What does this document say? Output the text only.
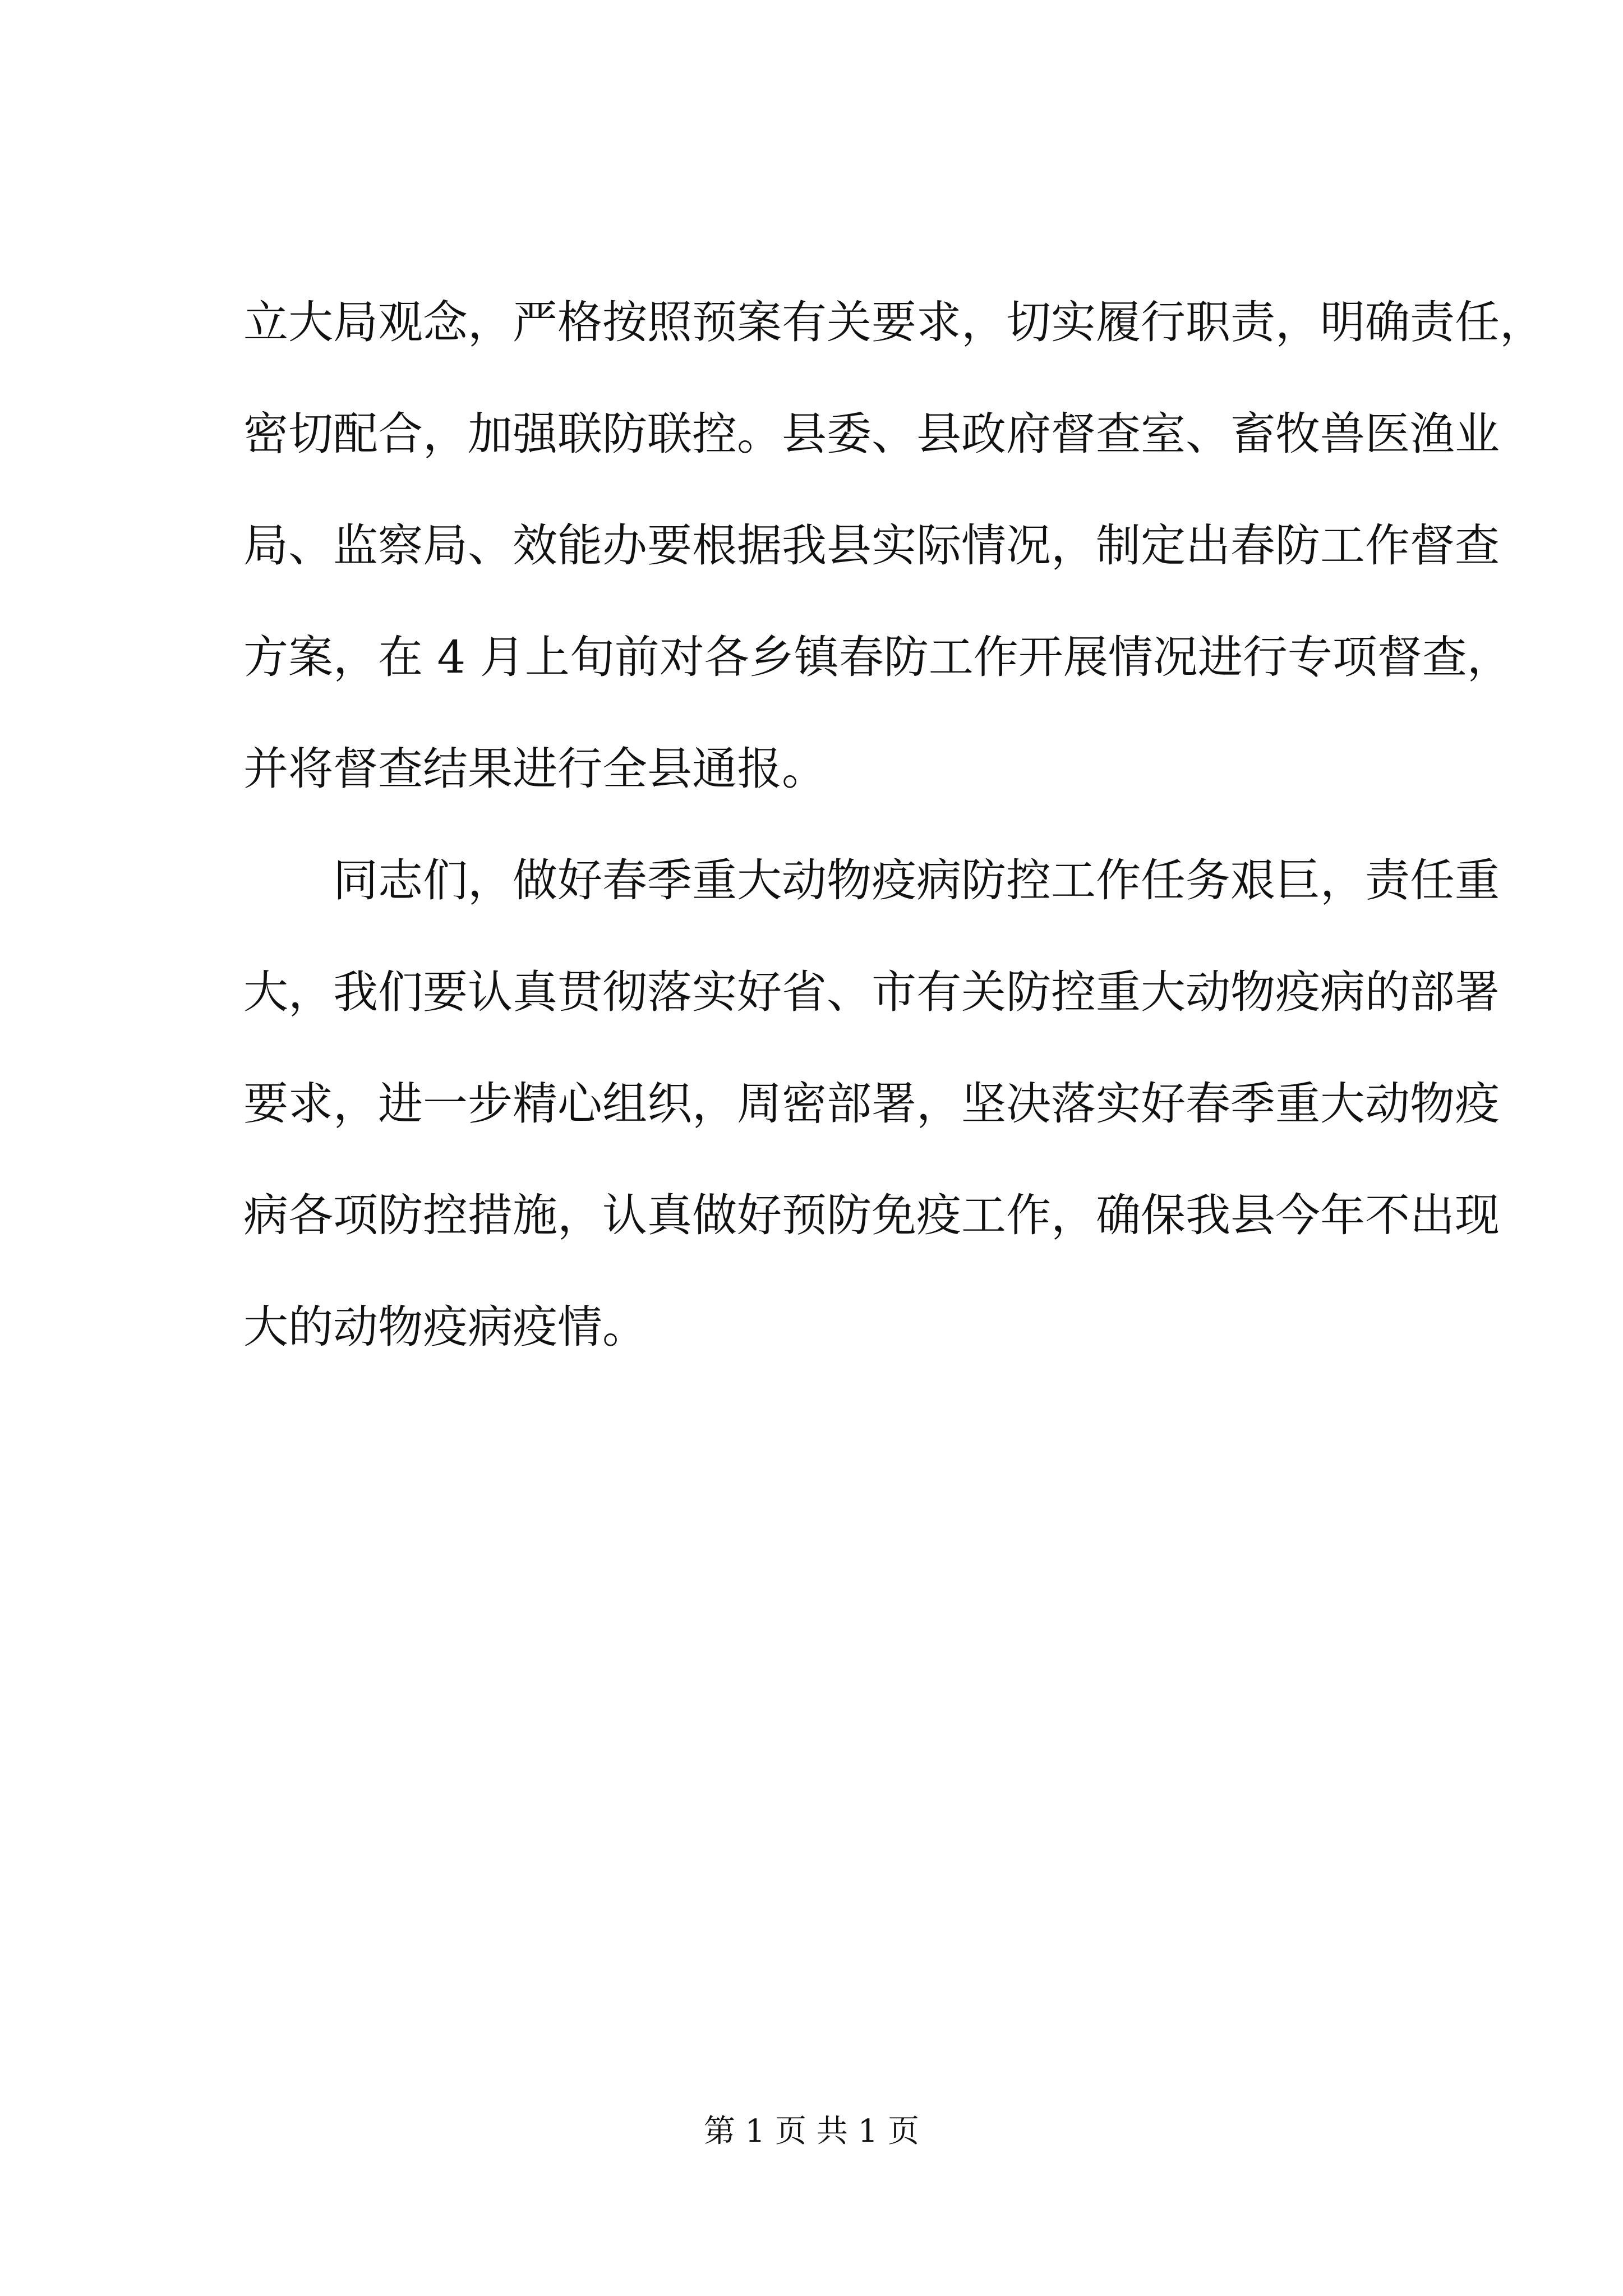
立大局观念，严格按照预案有关要求，切实履行职责，明确责任，
密切配合，加强联防联控。县委、县政府督查室、畜牧兽医渔业
局、监察局、效能办要根据我县实际情况，制定出春防工作督查
方案，在 4 月上旬前对各乡镇春防工作开展情况进行专项督查，
并将督查结果进行全县通报。
同志们，做好春季重大动物疫病防控工作任务艰巨，责任重
大，我们要认真贯彻落实好省、市有关防控重大动物疫病的部署
要求，进一步精心组织，周密部署，坚决落实好春季重大动物疫
病各项防控措施，认真做好预防免疫工作，确保我县今年不出现
大的动物疫病疫情。
第 1 页 共 1 页
